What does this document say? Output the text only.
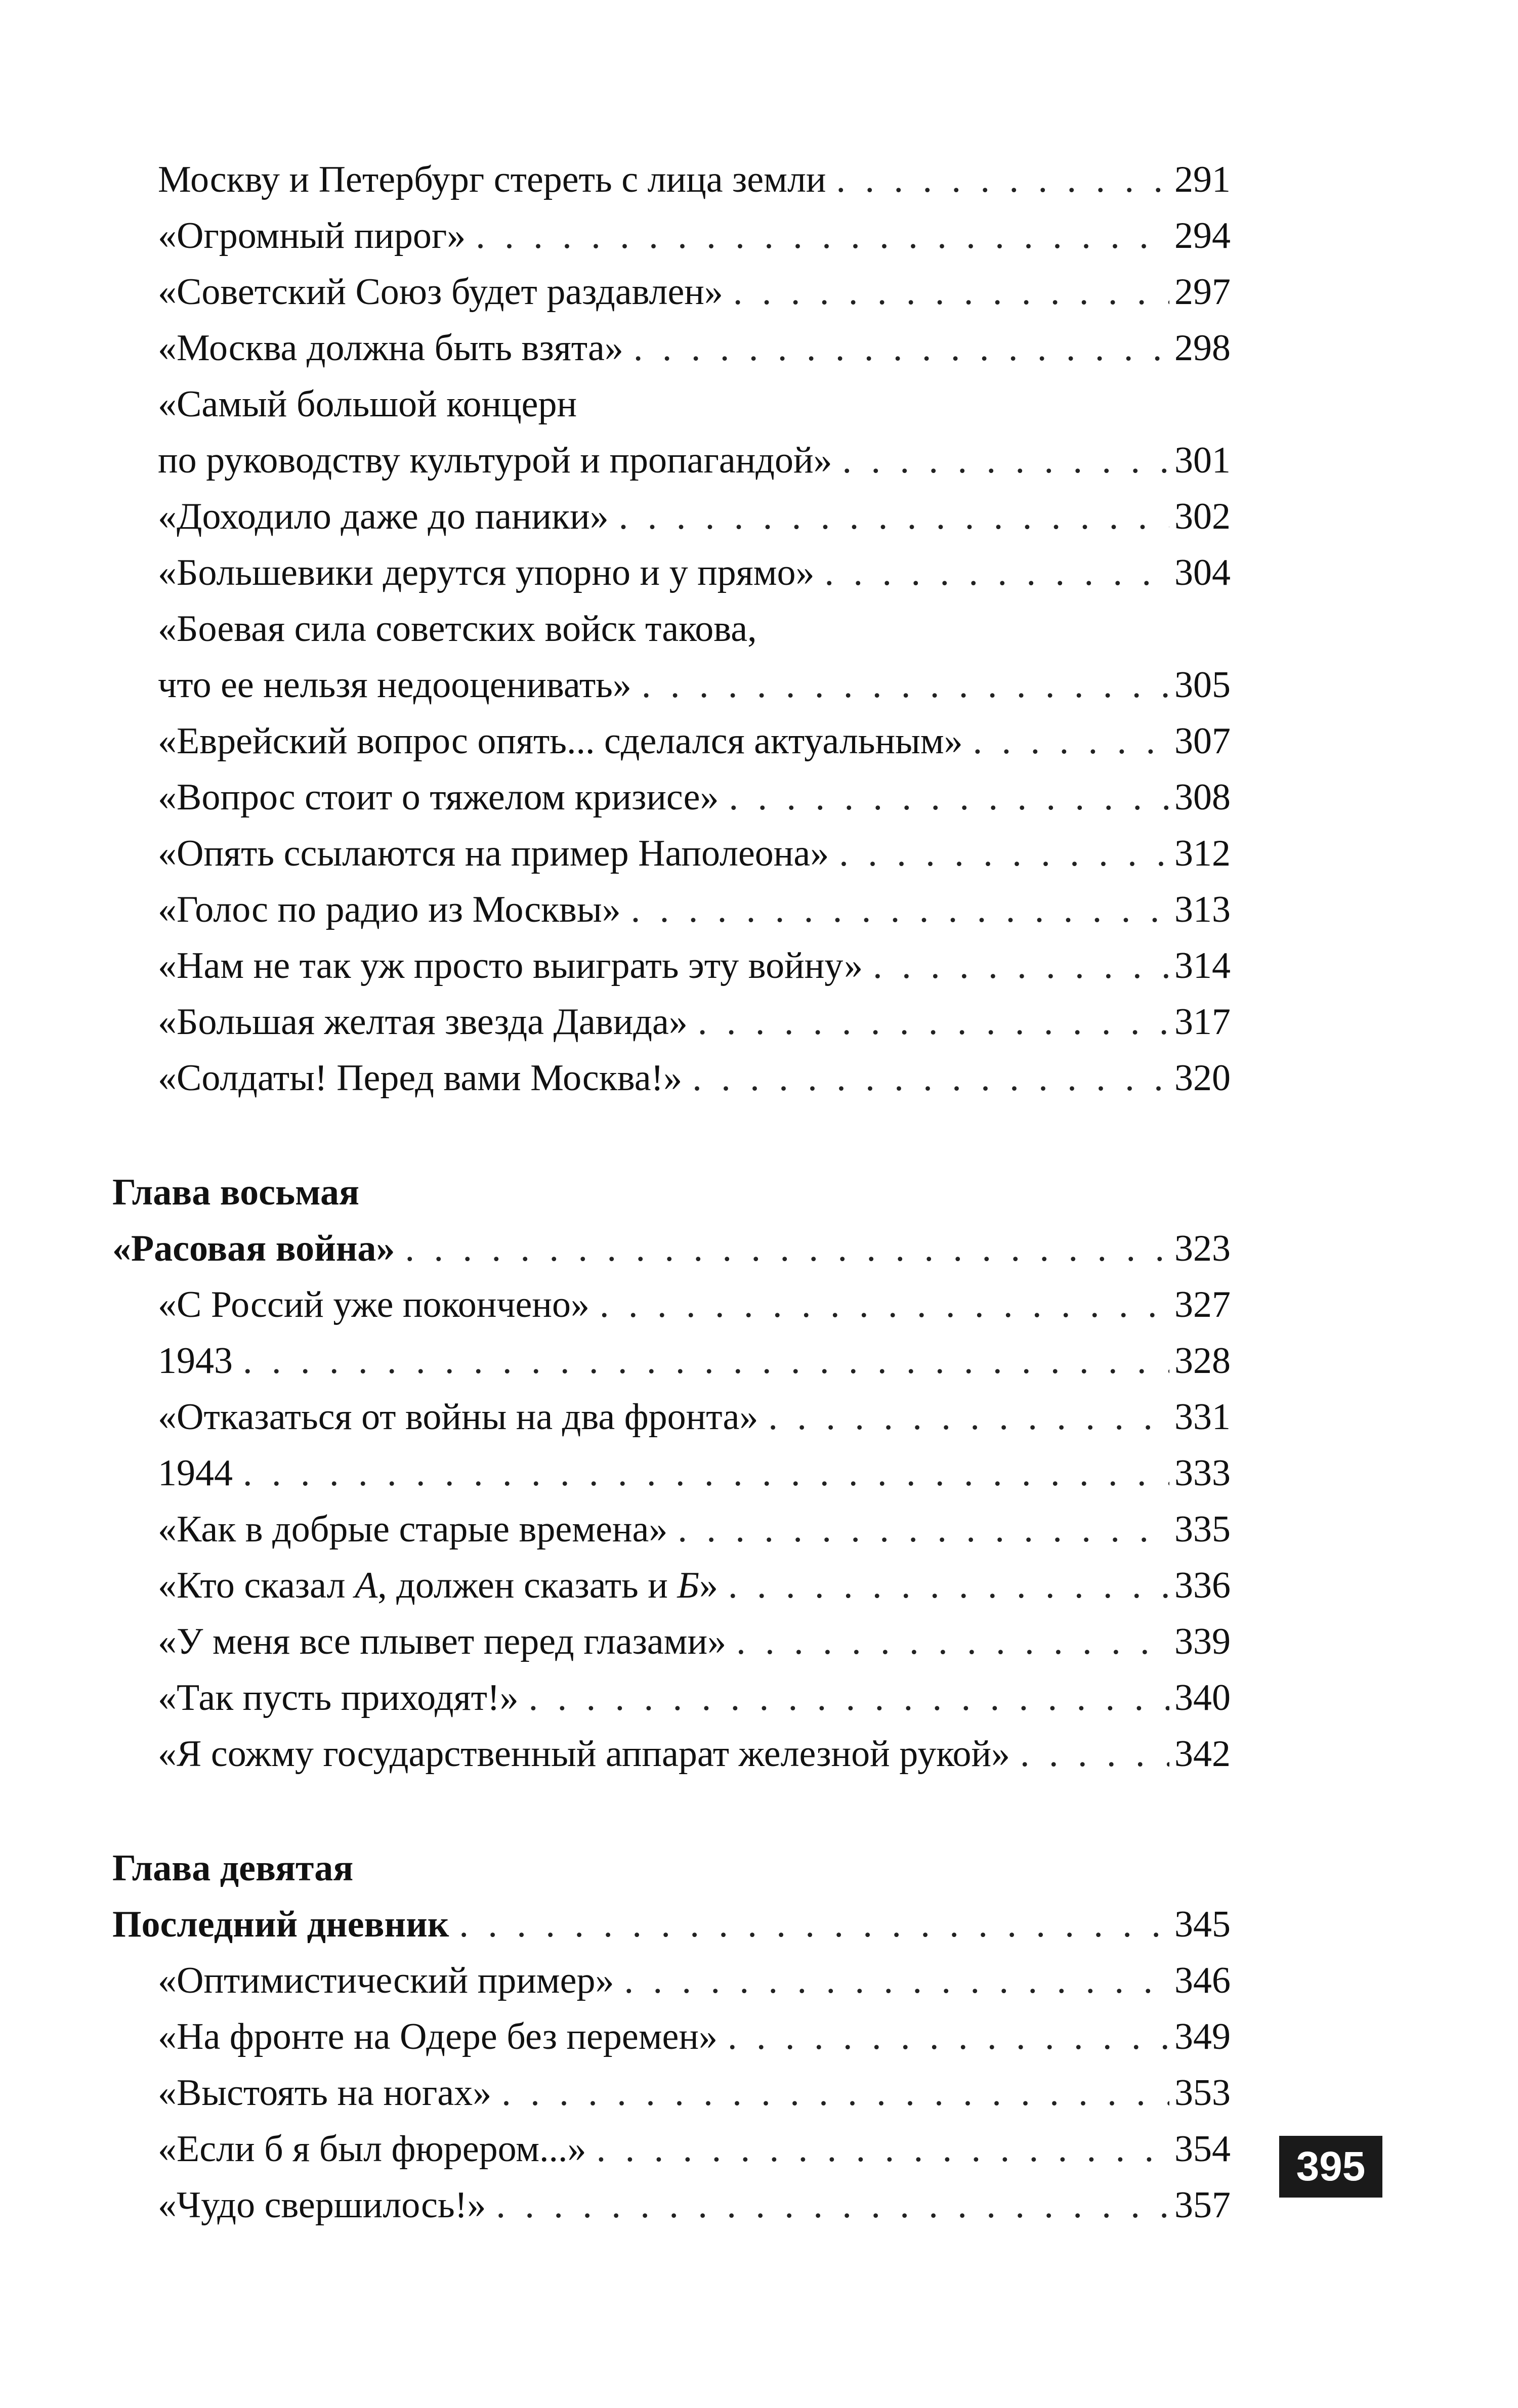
Москву и Петербург стереть с лица земли . . .	291
«Огромный пирог» . . .	294
«Советский Союз будет раздавлен» . . .	297
«Москва должна быть взята» . . .	298
«Самый большой концерн
по руководству культурой и пропагандой» . . .	301
«Доходило даже до паники» . . .	302
«Большевики дерутся упорно и у прямо» . . .	304
«Боевая сила советских войск такова,
что ее нельзя недооценивать» . . .	305
«Еврейский вопрос опять... сделался актуальным» . . .	307
«Вопрос стоит о тяжелом кризисе» . . .	308
«Опять ссылаются на пример Наполеона» . . .	312
«Голос по радио из Москвы» . . .	313
«Нам не так уж просто выиграть эту войну» . . .	314
«Большая желтая звезда Давида» . . .	317
«Солдаты! Перед вами Москва!» . . .	320
Глава восьмая
«Расовая война» . . .	323
«С Россий уже покончено» . . .	327
1943 . . .	328
«Отказаться от войны на два фронта» . . .	331
1944 . . .	333
«Как в добрые старые времена» . . .	335
«Кто сказал А, должен сказать и Б» . . .	336
«У меня все плывет перед глазами» . . .	339
«Так пусть приходят!» . . .	340
«Я сожму государственный аппарат железной рукой» . . .	342
Глава девятая
Последний дневник . . .	345
«Оптимистический пример» . . .	346
«На фронте на Одере без перемен» . . .	349
«Выстоять на ногах» . . .	353
«Если б я был фюрером...» . . .	354
«Чудо свершилось!» . . .	357
395
